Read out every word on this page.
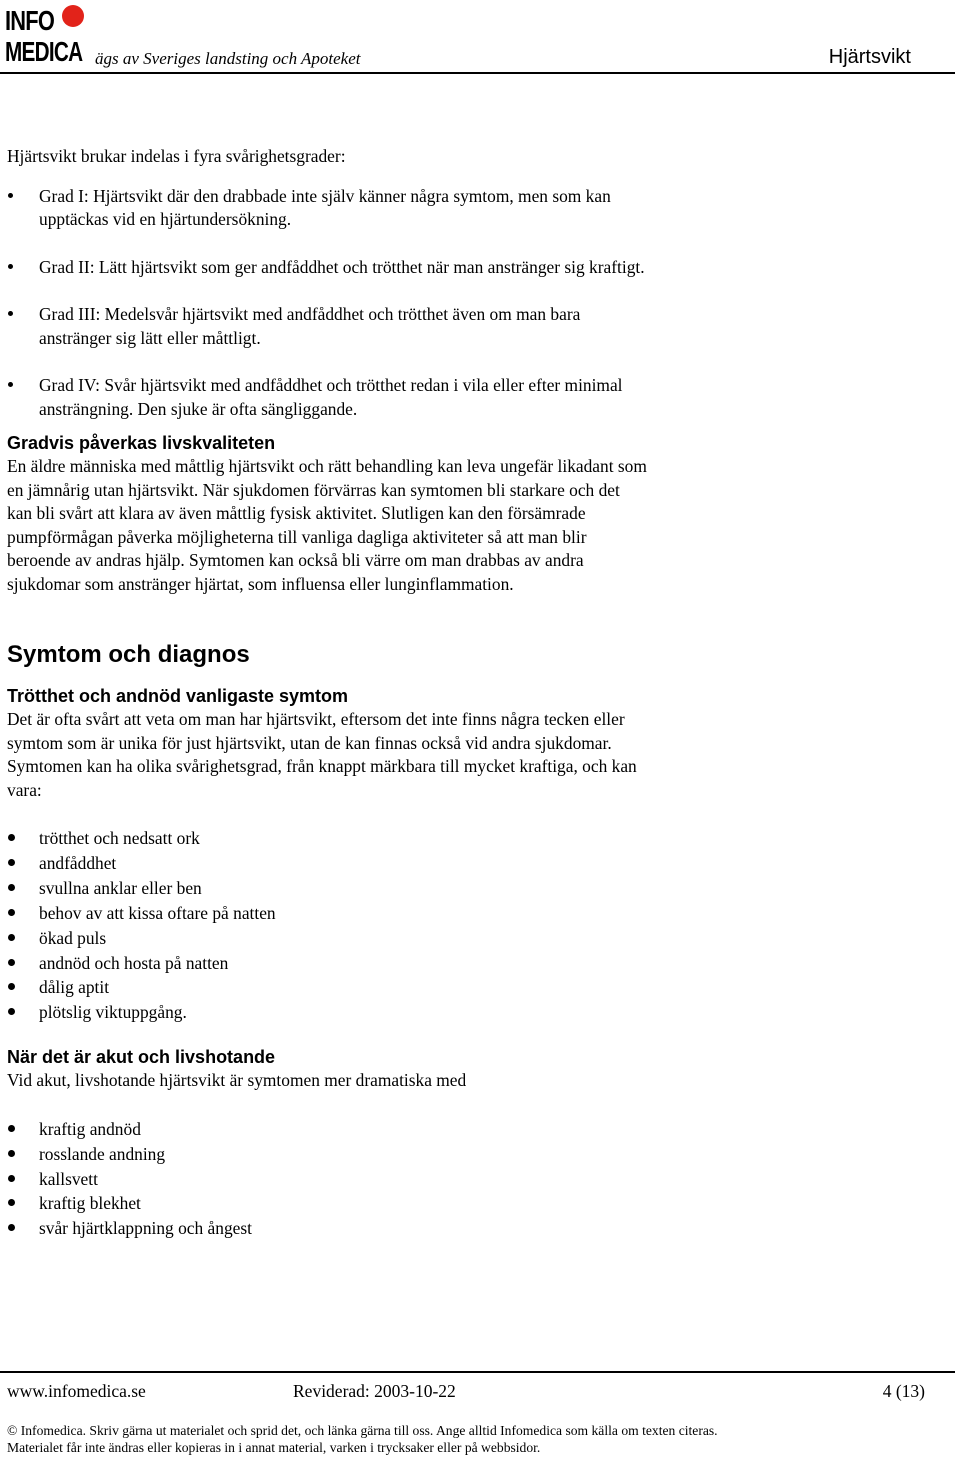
INFO
MEDICA ägs av Sveriges landsting och Apoteket	Hjärtsvikt

Hjärtsvikt brukar indelas i fyra svårighetsgrader:

Grad I: Hjärtsvikt där den drabbade inte själv känner några symtom, men som kan upptäckas vid en hjärtundersökning.
Grad II: Lätt hjärtsvikt som ger andfåddhet och trötthet när man anstränger sig kraftigt.
Grad III: Medelsvår hjärtsvikt med andfåddhet och trötthet även om man bara anstränger sig lätt eller måttligt.
Grad IV: Svår hjärtsvikt med andfåddhet och trötthet redan i vila eller efter minimal ansträngning. Den sjuke är ofta sängliggande.

Gradvis påverkas livskvaliteten

En äldre människa med måttlig hjärtsvikt och rätt behandling kan leva ungefär likadant som en jämnårig utan hjärtsvikt. När sjukdomen förvärras kan symtomen bli starkare och det kan bli svårt att klara av även måttlig fysisk aktivitet. Slutligen kan den försämrade pumpförmågan påverka möjligheterna till vanliga dagliga aktiviteter så att man blir beroende av andras hjälp. Symtomen kan också bli värre om man drabbas av andra sjukdomar som anstränger hjärtat, som influensa eller lunginflammation.

Symtom och diagnos

Trötthet och andnöd vanligaste symtom

Det är ofta svårt att veta om man har hjärtsvikt, eftersom det inte finns några tecken eller symtom som är unika för just hjärtsvikt, utan de kan finnas också vid andra sjukdomar. Symtomen kan ha olika svårighetsgrad, från knappt märkbara till mycket kraftiga, och kan vara:

trötthet och nedsatt ork
andfåddhet
svullna anklar eller ben
behov av att kissa oftare på natten
ökad puls
andnöd och hosta på natten
dålig aptit
plötslig viktuppgång.

När det är akut och livshotande

Vid akut, livshotande hjärtsvikt är symtomen mer dramatiska med

kraftig andnöd
rosslande andning
kallsvett
kraftig blekhet
svår hjärtklappning och ångest
www.infomedica.se	Reviderad: 2003-10-22	4 (13)
© Infomedica. Skriv gärna ut materialet och sprid det, och länka gärna till oss. Ange alltid Infomedica som källa om texten citeras.
Materialet får inte ändras eller kopieras in i annat material, varken i trycksaker eller på webbsidor.
